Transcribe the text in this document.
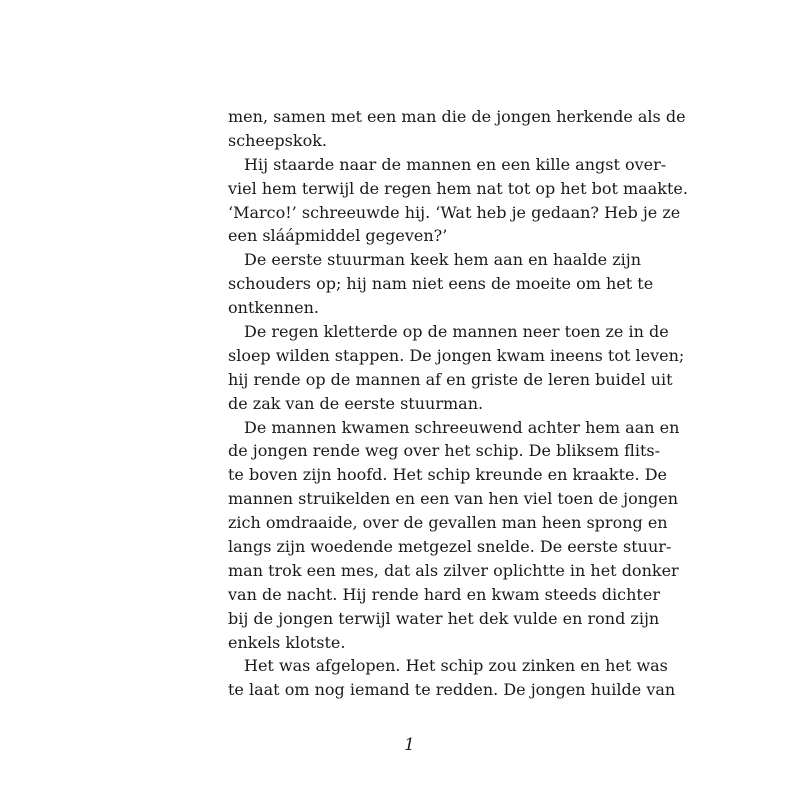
men, samen met een man die de jongen herkende als de
scheepskok.
Hij staarde naar de mannen en een kille angst over-
viel hem terwijl de regen hem nat tot op het bot maakte.
‘Marco!’ schreeuwde hij. ‘Wat heb je gedaan? Heb je ze
een sláápmiddel gegeven?’
De eerste stuurman keek hem aan en haalde zijn
schouders op; hij nam niet eens de moeite om het te
ontkennen.
De regen kletterde op de mannen neer toen ze in de
sloep wilden stappen. De jongen kwam ineens tot leven;
hij rende op de mannen af en griste de leren buidel uit
de zak van de eerste stuurman.
De mannen kwamen schreeuwend achter hem aan en
de jongen rende weg over het schip. De bliksem flits-
te boven zijn hoofd. Het schip kreunde en kraakte. De
mannen struikelden en een van hen viel toen de jongen
zich omdraaide, over de gevallen man heen sprong en
langs zijn woedende metgezel snelde. De eerste stuur-
man trok een mes, dat als zilver oplichtte in het donker
van de nacht. Hij rende hard en kwam steeds dichter
bij de jongen terwijl water het dek vulde en rond zijn
enkels klotste.
Het was afgelopen. Het schip zou zinken en het was
te laat om nog iemand te redden. De jongen huilde van
1
